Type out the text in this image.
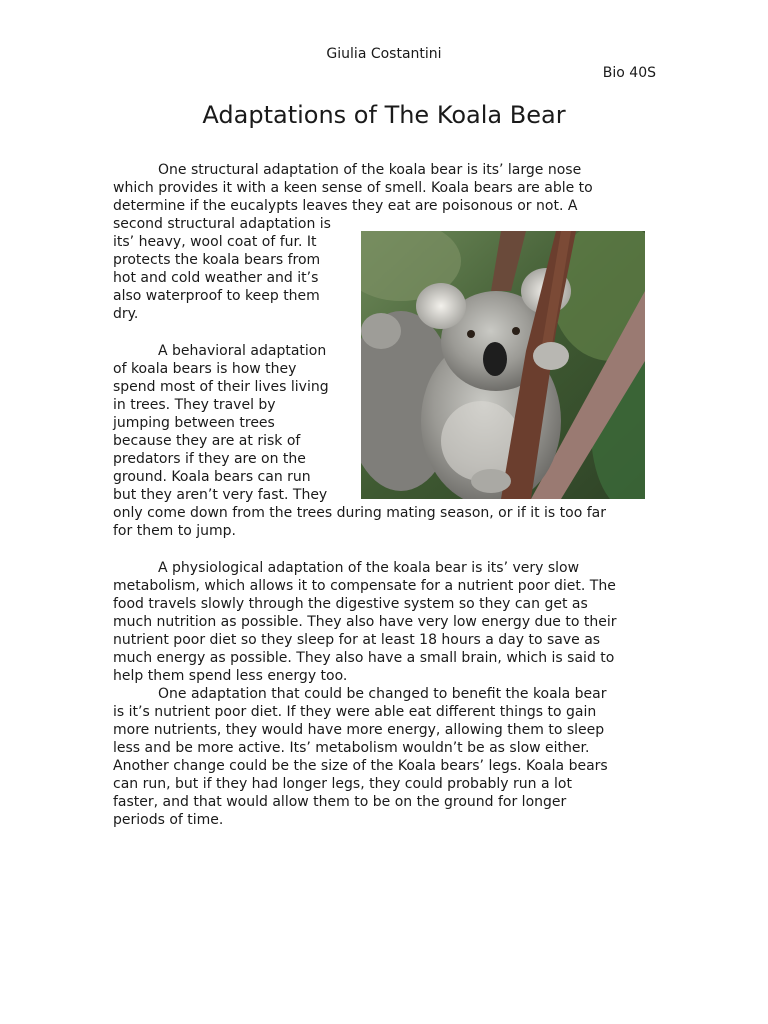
Giulia Costantini
Bio 40S
Adaptations of The Koala Bear
One structural adaptation of the koala bear is its’ large nose
which provides it with a keen sense of smell. Koala bears are able to
determine if the eucalypts leaves they eat are poisonous or not. A
second structural adaptation is
its’ heavy, wool coat of fur. It
protects the koala bears from
hot and cold weather and it’s
also waterproof to keep them
dry.
A behavioral adaptation
of koala bears is how they
spend most of their lives living
in trees. They travel by
jumping between trees
because they are at risk of
predators if they are on the
ground. Koala bears can run
but they aren’t very fast. They
only come down from the trees during mating season, or if it is too far
for them to jump.
A physiological adaptation of the koala bear is its’ very slow
metabolism, which allows it to compensate for a nutrient poor diet. The
food travels slowly through the digestive system so they can get as
much nutrition as possible. They also have very low energy due to their
nutrient poor diet so they sleep for at least 18 hours a day to save as
much energy as possible. They also have a small brain, which is said to
help them spend less energy too.
One adaptation that could be changed to benefit the koala bear
is it’s nutrient poor diet. If they were able eat different things to gain
more nutrients, they would have more energy, allowing them to sleep
less and be more active. Its’ metabolism wouldn’t be as slow either.
Another change could be the size of the Koala bears’ legs. Koala bears
can run, but if they had longer legs, they could probably run a lot
faster, and that would allow them to be on the ground for longer
periods of time.
